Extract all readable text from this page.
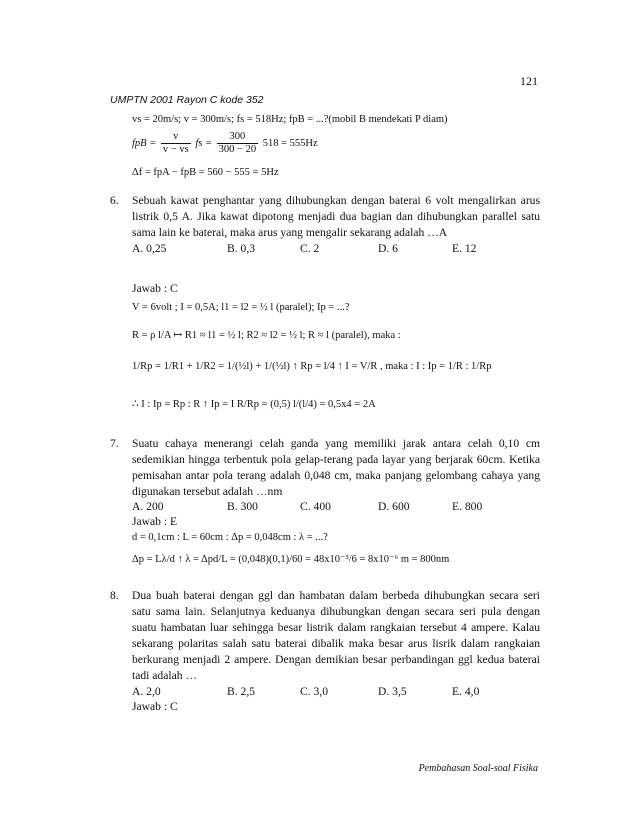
121
UMPTN 2001 Rayon C kode 352
vs = 20m/s; v = 300m/s; fs = 518Hz; fpB = ...?(mobil B mendekati P diam)
fpB = $\frac{v}{v - vs}$ fs = $\frac{300}{300 - 20} 518 = 555Hz$
Δf = fpA − fpB = 560 − 555 = 5Hz
6. Sebuah kawat penghantar yang dihubungkan dengan baterai 6 volt mengalirkan arus listrik 0,5 A. Jika kawat dipotong menjadi dua bagian dan dihubungkan parallel satu sama lain ke baterai, maka arus yang mengalir sekarang adalah …A
A. 0,25	B. 0,3	C. 2	D. 6	E. 12
Jawab : C
V = 6volt ; I = 0,5A; l1 = l2 = ½ l (paralel); Ip = ...?
R = ρ l/A ↦ R1 ≈ l1 = ½ l; R2 ≈ l2 = ½ l; R ≈ l (paralel), maka :
1/Rp = 1/R1 + 1/R2 = 1/(½l) + 1/(½l) ↑ Rp = l/4 ↑ I = V/R , maka : I : Ip = 1/R : 1/Rp
∴ I : Ip = Rp : R ↑ Ip = I R/Rp = (0,5) l/(l/4) = 0,5x4 = 2A
7. Suatu cahaya menerangi celah ganda yang memiliki jarak antara celah 0,10 cm sedemikian hingga terbentuk pola gelap-terang pada layar yang berjarak 60cm. Ketika pemisahan antar pola terang adalah 0,048 cm, maka panjang gelombang cahaya yang digunakan tersebut adalah …nm
A. 200	B. 300	C. 400	D. 600	E. 800
Jawab : E
d = 0,1cm : L = 60cm : Δp = 0,048cm : λ = ...?
Δp = Lλ/d ↑ λ = Δpd/L = (0,048)(0,1)/60 = 48x10⁻³/6 = 8x10⁻⁶ m = 800nm
8. Dua buah baterai dengan ggl dan hambatan dalam berbeda dihubungkan secara seri satu sama lain. Selanjutnya keduanya dihubungkan dengan secara seri pula dengan suatu hambatan luar sehingga besar listrik dalam rangkaian tersebut 4 ampere. Kalau sekarang polaritas salah satu baterai dibalik maka besar arus lisrik dalam rangkaian berkurang menjadi 2 ampere. Dengan demikian besar perbandingan ggl kedua baterai tadi adalah …
A. 2,0	B. 2,5	C. 3,0	D. 3,5	E. 4,0
Jawab : C
Pembahasan Soal-soal Fisika
